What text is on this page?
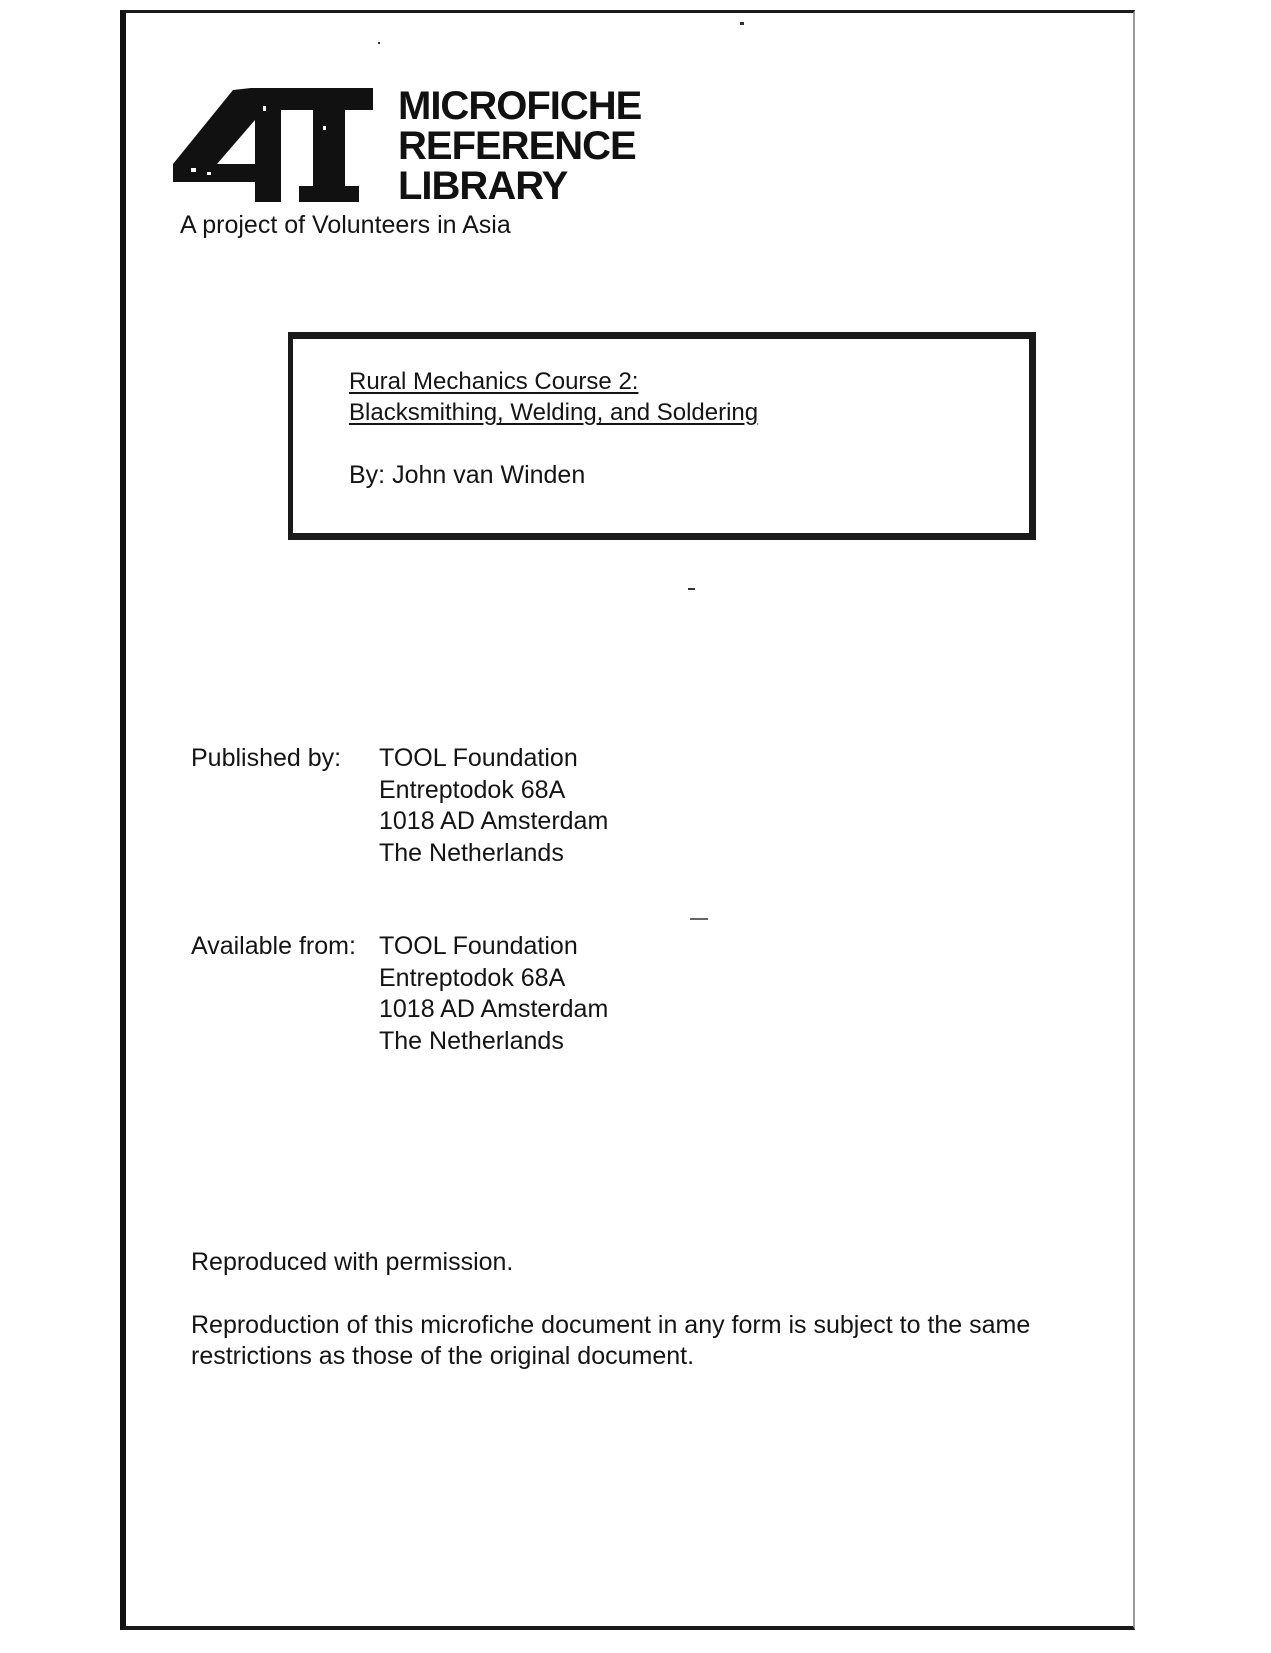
MICROFICHE
REFERENCE
LIBRARY
A project of Volunteers in Asia
Rural Mechanics Course 2:
Blacksmithing, Welding, and Soldering
By: John van Winden
Published by: TOOL Foundation
Entreptodok 68A
1018 AD Amsterdam
The Netherlands
Available from: TOOL Foundation
Entreptodok 68A
1018 AD Amsterdam
The Netherlands
Reproduced with permission.
Reproduction of this microfiche document in any form is subject to the same restrictions as those of the original document.
